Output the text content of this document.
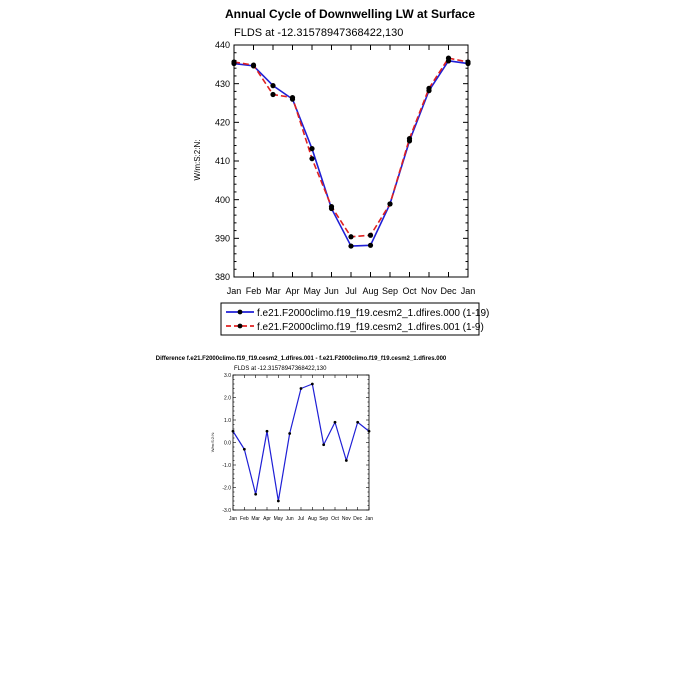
Annual Cycle of Downwelling LW at Surface
FLDS at -12.315789473684​22,130
W/m:S:2:N:
Jan Feb Mar Apr May Jun Jul Aug Sep Oct Nov Dec Jan
380
390
400
410
420
430
440
f.e21.F2000climo.f19_f19.cesm2_1.dfires.000 (1-19)
f.e21.F2000climo.f19_f19.cesm2_1.dfires.001 (1-9)
Difference f.e21.F2000climo.f19_f19.cesm2_1.dfires.001 - f.e21.F2000climo.f19_f19.cesm2_1.dfires.000
FLDS at -12.315789473684​22,130
W/m:S:2:N:
Jan Feb Mar Apr May Jun Jul Aug Sep Oct Nov Dec Jan
3.0
2.0
1.0
0.0
-1.0
-2.0
-3.0
